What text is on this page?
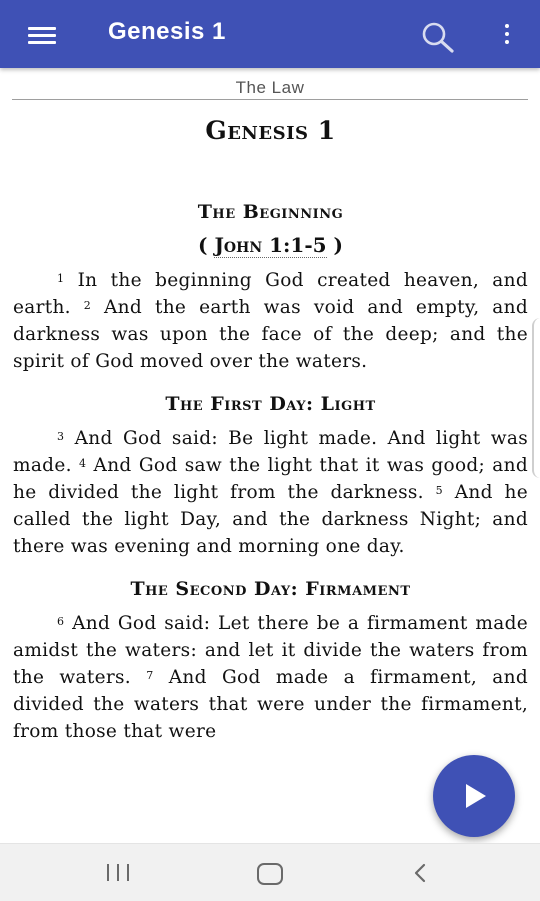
Genesis 1
The Law
Genesis 1
The Beginning
( John 1:1-5 )

$^1$ In the beginning God created heaven, and earth. $^2$ And the earth was void and empty, and darkness was upon the face of the deep; and the spirit of God moved over the waters.

The First Day: Light

$^3$ And God said: Be light made. And light was made. $^4$ And God saw the light that it was good; and he divided the light from the darkness. $^5$ And he called the light Day, and the darkness Night; and there was evening and morning one day.

The Second Day: Firmament

$^6$ And God said: Let there be a firmament made amidst the waters: and let it divide the waters from the waters. $^7$ And God made a firmament, and divided the waters that were under the firmament, from those that were
